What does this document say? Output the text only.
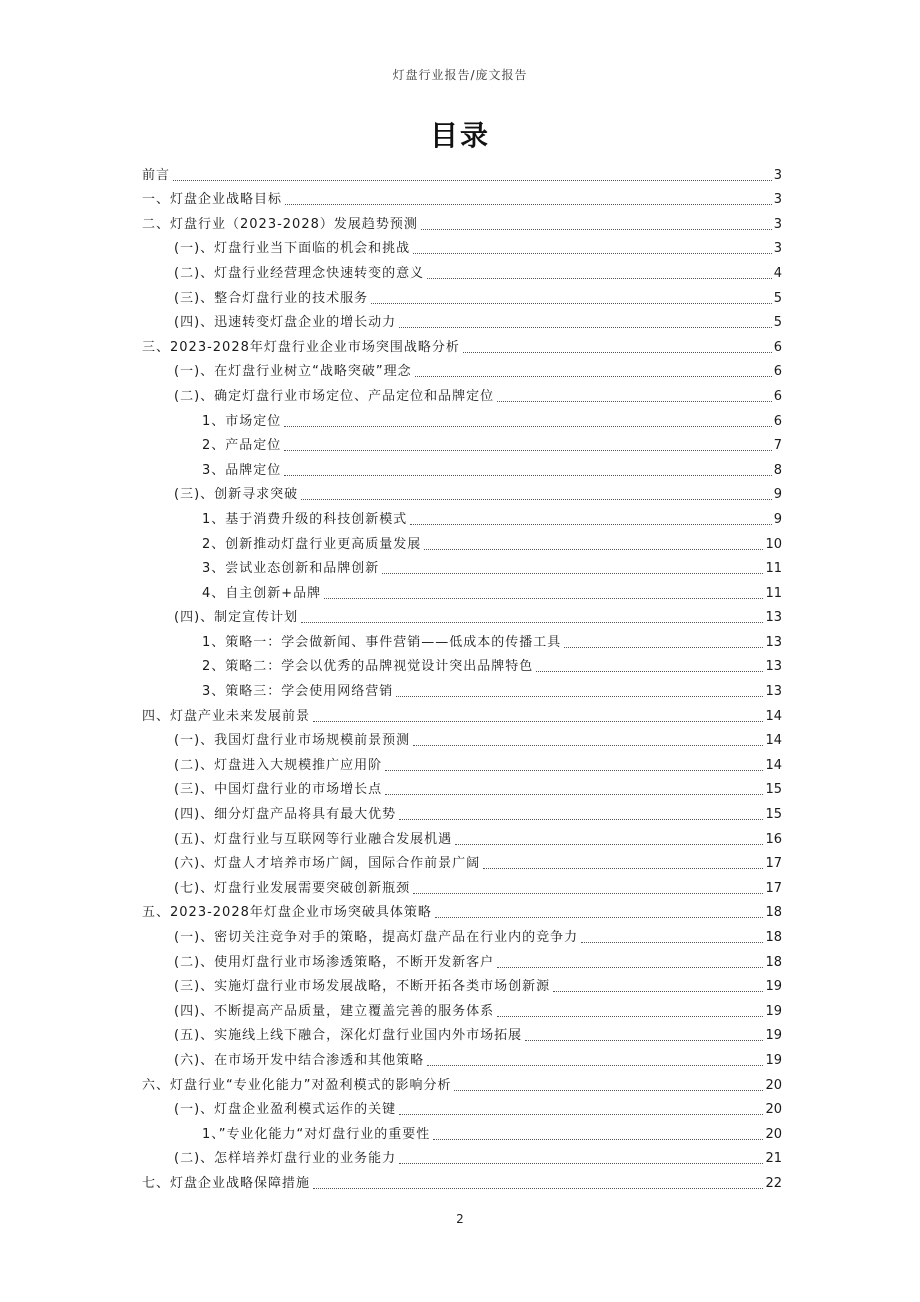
灯盘行业报告/庞文报告
目录
前言	3
一、灯盘企业战略目标	3
二、灯盘行业（2023-2028）发展趋势预测	3
(一)、灯盘行业当下面临的机会和挑战	3
(二)、灯盘行业经营理念快速转变的意义	4
(三)、整合灯盘行业的技术服务	5
(四)、迅速转变灯盘企业的增长动力	5
三、2023-2028年灯盘行业企业市场突围战略分析	6
(一)、在灯盘行业树立“战略突破”理念	6
(二)、确定灯盘行业市场定位、产品定位和品牌定位	6
1、市场定位	6
2、产品定位	7
3、品牌定位	8
(三)、创新寻求突破	9
1、基于消费升级的科技创新模式	9
2、创新推动灯盘行业更高质量发展	10
3、尝试业态创新和品牌创新	11
4、自主创新+品牌	11
(四)、制定宣传计划	13
1、策略一：学会做新闻、事件营销——低成本的传播工具	13
2、策略二：学会以优秀的品牌视觉设计突出品牌特色	13
3、策略三：学会使用网络营销	13
四、灯盘产业未来发展前景	14
(一)、我国灯盘行业市场规模前景预测	14
(二)、灯盘进入大规模推广应用阶	14
(三)、中国灯盘行业的市场增长点	15
(四)、细分灯盘产品将具有最大优势	15
(五)、灯盘行业与互联网等行业融合发展机遇	16
(六)、灯盘人才培养市场广阔，国际合作前景广阔	17
(七)、灯盘行业发展需要突破创新瓶颈	17
五、2023-2028年灯盘企业市场突破具体策略	18
(一)、密切关注竞争对手的策略，提高灯盘产品在行业内的竞争力	18
(二)、使用灯盘行业市场渗透策略，不断开发新客户	18
(三)、实施灯盘行业市场发展战略，不断开拓各类市场创新源	19
(四)、不断提高产品质量，建立覆盖完善的服务体系	19
(五)、实施线上线下融合，深化灯盘行业国内外市场拓展	19
(六)、在市场开发中结合渗透和其他策略	19
六、灯盘行业“专业化能力”对盈利模式的影响分析	20
(一)、灯盘企业盈利模式运作的关键	20
1、”专业化能力“对灯盘行业的重要性	20
(二)、怎样培养灯盘行业的业务能力	21
七、灯盘企业战略保障措施	22
2
